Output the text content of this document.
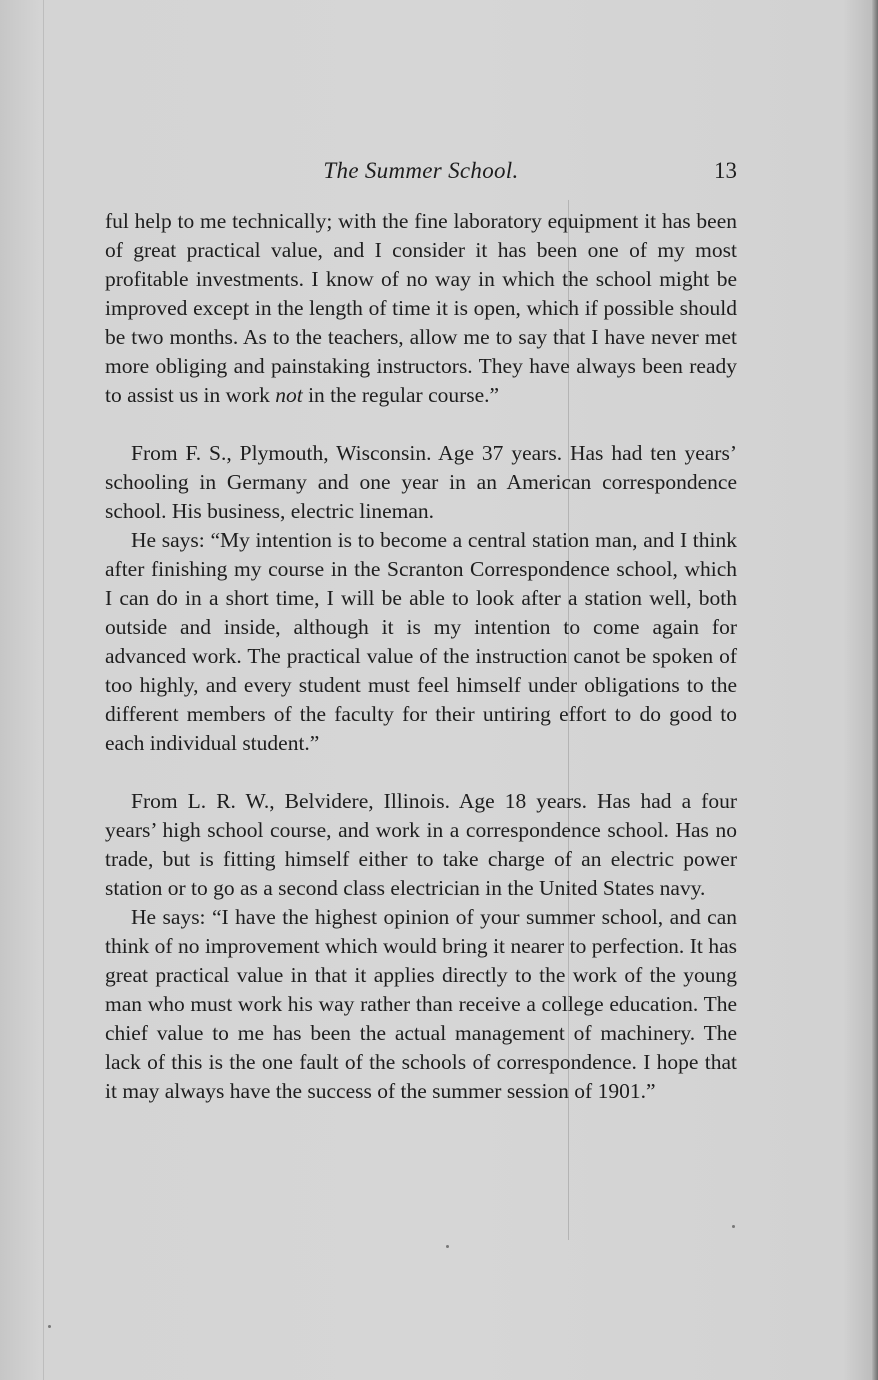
The Summer School.	13

ful help to me technically; with the fine laboratory equipment it has been of great practical value, and I consider it has been one of my most profitable investments. I know of no way in which the school might be improved except in the length of time it is open, which if possible should be two months. As to the teachers, allow me to say that I have never met more obliging and painstaking instructors. They have always been ready to assist us in work not in the regular course.”

From F. S., Plymouth, Wisconsin. Age 37 years. Has had ten years’ schooling in Germany and one year in an American correspondence school. His business, electric lineman.

He says: “My intention is to become a central station man, and I think after finishing my course in the Scranton Correspondence school, which I can do in a short time, I will be able to look after a station well, both outside and inside, although it is my intention to come again for advanced work. The practical value of the instruction canot be spoken of too highly, and every student must feel himself under obligations to the different members of the faculty for their untiring effort to do good to each individual student.”

From L. R. W., Belvidere, Illinois. Age 18 years. Has had a four years’ high school course, and work in a correspondence school. Has no trade, but is fitting himself either to take charge of an electric power station or to go as a second class electrician in the United States navy.

He says: “I have the highest opinion of your summer school, and can think of no improvement which would bring it nearer to perfection. It has great practical value in that it applies directly to the work of the young man who must work his way rather than receive a college education. The chief value to me has been the actual management of machinery. The lack of this is the one fault of the schools of correspondence. I hope that it may always have the success of the summer session of 1901.”
